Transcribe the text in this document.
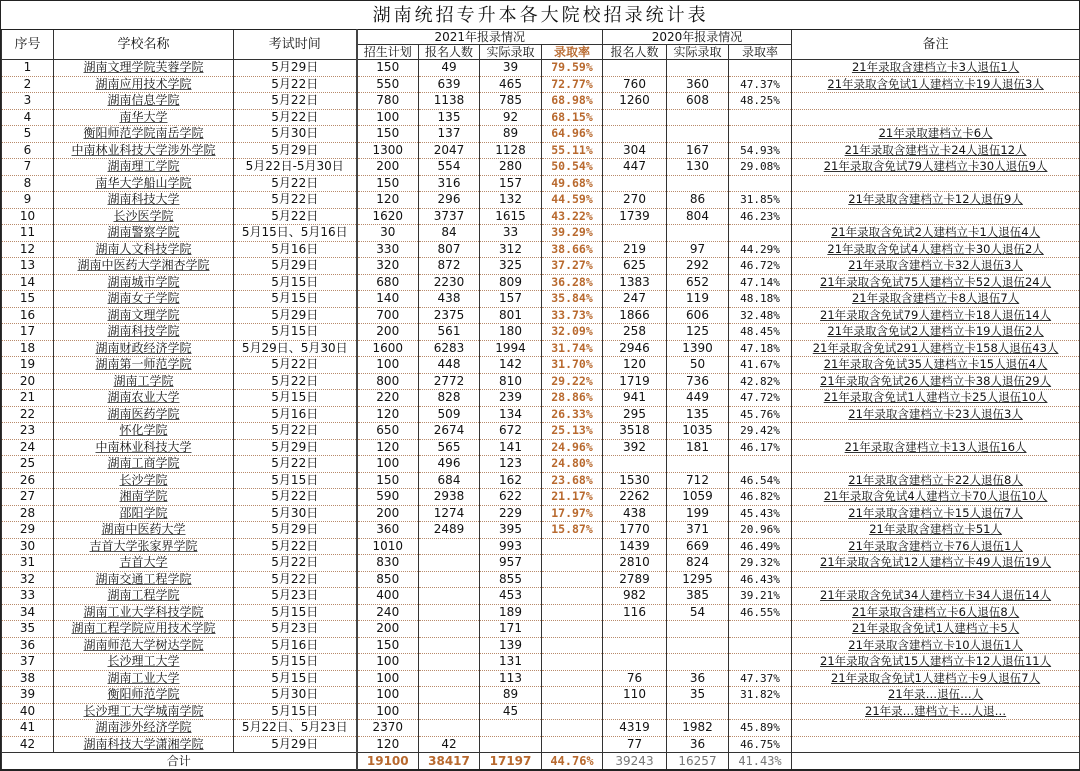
湖南统招专升本各大院校招录统计表										
序号	学校名称	考试时间	2021年报录情况				2020年报录情况			备注
			招生计划	报名人数	实际录取	录取率	报名人数	实际录取	录取率	
1	湖南文理学院芙蓉学院	5月29日	150	49	39	79.59%				21年录取含建档立卡3人退伍1人
2	湖南应用技术学院	5月22日	550	639	465	72.77%	760	360	47.37%	21年录取含免试1人建档立卡19人退伍3人
3	湖南信息学院	5月22日	780	1138	785	68.98%	1260	608	48.25%	
4	南华大学	5月22日	100	135	92	68.15%				
5	衡阳师范学院南岳学院	5月30日	150	137	89	64.96%				21年录取建档立卡6人
6	中南林业科技大学涉外学院	5月29日	1300	2047	1128	55.11%	304	167	54.93%	21年录取含建档立卡24人退伍12人
7	湖南理工学院	5月22日-5月30日	200	554	280	50.54%	447	130	29.08%	21年录取含免试79人建档立卡30人退伍9人
8	南华大学船山学院	5月22日	150	316	157	49.68%				
9	湖南科技大学	5月22日	120	296	132	44.59%	270	86	31.85%	21年录取含建档立卡12人退伍9人
10	长沙医学院	5月22日	1620	3737	1615	43.22%	1739	804	46.23%	
11	湖南警察学院	5月15日、5月16日	30	84	33	39.29%				21年录取含免试2人建档立卡1人退伍4人
12	湖南人文科技学院	5月16日	330	807	312	38.66%	219	97	44.29%	21年录取含免试4人建档立卡30人退伍2人
13	湖南中医药大学湘杏学院	5月29日	320	872	325	37.27%	625	292	46.72%	21年录取含建档立卡32人退伍3人
14	湖南城市学院	5月15日	680	2230	809	36.28%	1383	652	47.14%	21年录取含免试75人建档立卡52人退伍24人
15	湖南女子学院	5月15日	140	438	157	35.84%	247	119	48.18%	21年录取含建档立卡8人退伍7人
16	湖南文理学院	5月29日	700	2375	801	33.73%	1866	606	32.48%	21年录取含免试79人建档立卡18人退伍14人
17	湖南科技学院	5月15日	200	561	180	32.09%	258	125	48.45%	21年录取含免试2人建档立卡19人退伍2人
18	湖南财政经济学院	5月29日、5月30日	1600	6283	1994	31.74%	2946	1390	47.18%	21年录取含免试291人建档立卡158人退伍43人
19	湖南第一师范学院	5月22日	100	448	142	31.70%	120	50	41.67%	21年录取含免试35人建档立卡15人退伍4人
20	湖南工学院	5月22日	800	2772	810	29.22%	1719	736	42.82%	21年录取含免试26人建档立卡38人退伍29人
21	湖南农业大学	5月15日	220	828	239	28.86%	941	449	47.72%	21年录取含免试1人建档立卡25人退伍10人
22	湖南医药学院	5月16日	120	509	134	26.33%	295	135	45.76%	21年录取含建档立卡23人退伍3人
23	怀化学院	5月22日	650	2674	672	25.13%	3518	1035	29.42%	
24	中南林业科技大学	5月29日	120	565	141	24.96%	392	181	46.17%	21年录取含建档立卡13人退伍16人
25	湖南工商学院	5月22日	100	496	123	24.80%				
26	长沙学院	5月15日	150	684	162	23.68%	1530	712	46.54%	21年录取含建档立卡22人退伍8人
27	湘南学院	5月22日	590	2938	622	21.17%	2262	1059	46.82%	21年录取含免试4人建档立卡70人退伍10人
28	邵阳学院	5月30日	200	1274	229	17.97%	438	199	45.43%	21年录取含建档立卡15人退伍7人
29	湖南中医药大学	5月29日	360	2489	395	15.87%	1770	371	20.96%	21年录取含建档立卡51人
30	吉首大学张家界学院	5月22日	1010		993		1439	669	46.49%	21年录取含建档立卡76人退伍1人
31	吉首大学	5月22日	830		957		2810	824	29.32%	21年录取含免试12人建档立卡49人退伍19人
32	湖南交通工程学院	5月22日	850		855		2789	1295	46.43%	
33	湖南工程学院	5月23日	400		453		982	385	39.21%	21年录取含免试34人建档立卡34人退伍14人
34	湖南工业大学科技学院	5月15日	240		189		116	54	46.55%	21年录取含建档立卡6人退伍8人
35	湖南工程学院应用技术学院	5月23日	200		171					21年录取含免试1人建档立卡5人
36	湖南师范大学树达学院	5月16日	150		139					21年录取含建档立卡10人退伍1人
37	长沙理工大学	5月15日	100		131					21年录取含免试15人建档立卡12人退伍11人
38	湖南工业大学	5月15日	100		113		76	36	47.37%	21年录取含免试1人建档立卡9人退伍7人
39	衡阳师范学院	5月30日	100		89		110	35	31.82%	21年录…退伍…人
40	长沙理工大学城南学院	5月15日	100		45					21年录…建档立卡…人退…
41	湖南涉外经济学院	5月22日、5月23日	2370				4319	1982	45.89%	
42	湖南科技大学潇湘学院	5月29日	120	42			77	36	46.75%	
合计			19100	38417	17197	44.76%	39243	16257	41.43%	
